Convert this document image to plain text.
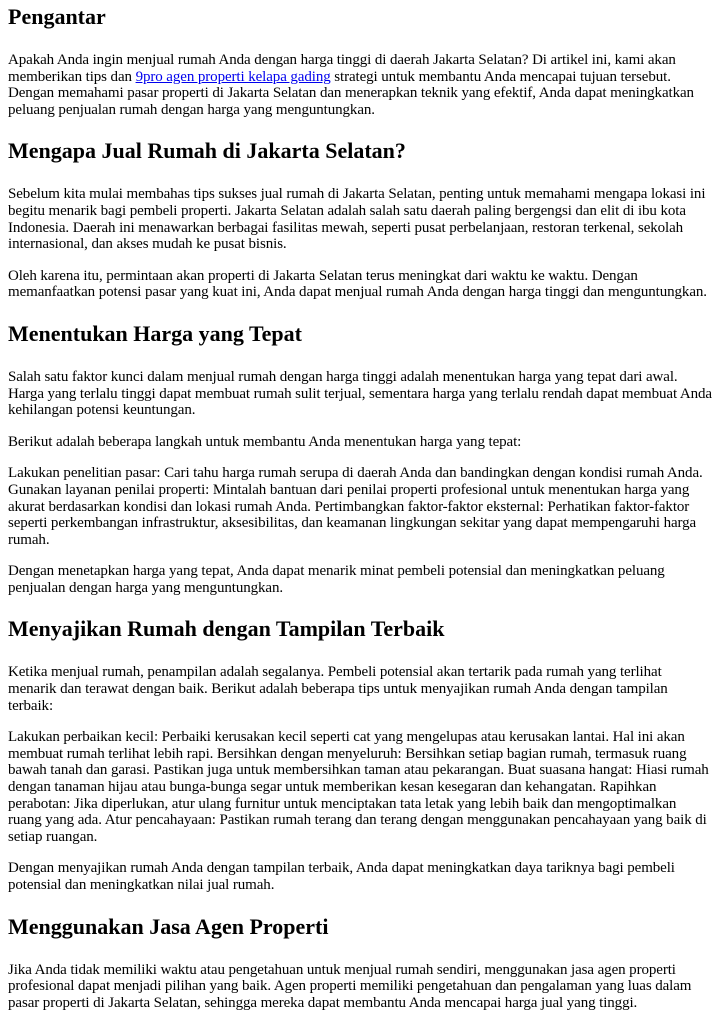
Pengantar

Apakah Anda ingin menjual rumah Anda dengan harga tinggi di daerah Jakarta Selatan? Di artikel ini, kami akan memberikan tips dan 9pro agen properti kelapa gading strategi untuk membantu Anda mencapai tujuan tersebut. Dengan memahami pasar properti di Jakarta Selatan dan menerapkan teknik yang efektif, Anda dapat meningkatkan peluang penjualan rumah dengan harga yang menguntungkan.

Mengapa Jual Rumah di Jakarta Selatan?

Sebelum kita mulai membahas tips sukses jual rumah di Jakarta Selatan, penting untuk memahami mengapa lokasi ini begitu menarik bagi pembeli properti. Jakarta Selatan adalah salah satu daerah paling bergengsi dan elit di ibu kota Indonesia. Daerah ini menawarkan berbagai fasilitas mewah, seperti pusat perbelanjaan, restoran terkenal, sekolah internasional, dan akses mudah ke pusat bisnis.

Oleh karena itu, permintaan akan properti di Jakarta Selatan terus meningkat dari waktu ke waktu. Dengan memanfaatkan potensi pasar yang kuat ini, Anda dapat menjual rumah Anda dengan harga tinggi dan menguntungkan.

Menentukan Harga yang Tepat

Salah satu faktor kunci dalam menjual rumah dengan harga tinggi adalah menentukan harga yang tepat dari awal. Harga yang terlalu tinggi dapat membuat rumah sulit terjual, sementara harga yang terlalu rendah dapat membuat Anda kehilangan potensi keuntungan.

Berikut adalah beberapa langkah untuk membantu Anda menentukan harga yang tepat:

Lakukan penelitian pasar: Cari tahu harga rumah serupa di daerah Anda dan bandingkan dengan kondisi rumah Anda. Gunakan layanan penilai properti: Mintalah bantuan dari penilai properti profesional untuk menentukan harga yang akurat berdasarkan kondisi dan lokasi rumah Anda. Pertimbangkan faktor-faktor eksternal: Perhatikan faktor-faktor seperti perkembangan infrastruktur, aksesibilitas, dan keamanan lingkungan sekitar yang dapat mempengaruhi harga rumah.

Dengan menetapkan harga yang tepat, Anda dapat menarik minat pembeli potensial dan meningkatkan peluang penjualan dengan harga yang menguntungkan.

Menyajikan Rumah dengan Tampilan Terbaik

Ketika menjual rumah, penampilan adalah segalanya. Pembeli potensial akan tertarik pada rumah yang terlihat menarik dan terawat dengan baik. Berikut adalah beberapa tips untuk menyajikan rumah Anda dengan tampilan terbaik:

Lakukan perbaikan kecil: Perbaiki kerusakan kecil seperti cat yang mengelupas atau kerusakan lantai. Hal ini akan membuat rumah terlihat lebih rapi. Bersihkan dengan menyeluruh: Bersihkan setiap bagian rumah, termasuk ruang bawah tanah dan garasi. Pastikan juga untuk membersihkan taman atau pekarangan. Buat suasana hangat: Hiasi rumah dengan tanaman hijau atau bunga-bunga segar untuk memberikan kesan kesegaran dan kehangatan. Rapihkan perabotan: Jika diperlukan, atur ulang furnitur untuk menciptakan tata letak yang lebih baik dan mengoptimalkan ruang yang ada. Atur pencahayaan: Pastikan rumah terang dan terang dengan menggunakan pencahayaan yang baik di setiap ruangan.

Dengan menyajikan rumah Anda dengan tampilan terbaik, Anda dapat meningkatkan daya tariknya bagi pembeli potensial dan meningkatkan nilai jual rumah.

Menggunakan Jasa Agen Properti

Jika Anda tidak memiliki waktu atau pengetahuan untuk menjual rumah sendiri, menggunakan jasa agen properti profesional dapat menjadi pilihan yang baik. Agen properti memiliki pengetahuan dan pengalaman yang luas dalam pasar properti di Jakarta Selatan, sehingga mereka dapat membantu Anda mencapai harga jual yang tinggi.
